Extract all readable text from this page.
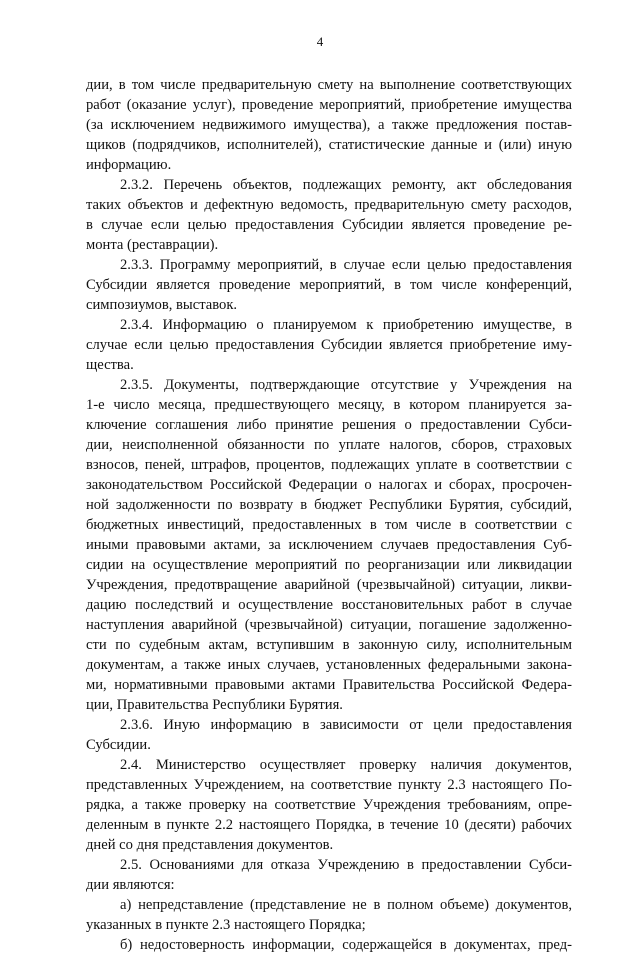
4
дии, в том числе предварительную смету на выполнение соответствующих
работ (оказание услуг), проведение мероприятий, приобретение имущества
(за исключением недвижимого имущества), а также предложения постав-
щиков (подрядчиков, исполнителей), статистические данные и (или) иную
информацию.
2.3.2. Перечень объектов, подлежащих ремонту, акт обследования
таких объектов и дефектную ведомость, предварительную смету расходов,
в случае если целью предоставления Субсидии является проведение ре-
монта (реставрации).
2.3.3. Программу мероприятий, в случае если целью предоставления
Субсидии является проведение мероприятий, в том числе конференций,
симпозиумов, выставок.
2.3.4. Информацию о планируемом к приобретению имуществе, в
случае если целью предоставления Субсидии является приобретение иму-
щества.
2.3.5. Документы, подтверждающие отсутствие у Учреждения на
1-е число месяца, предшествующего месяцу, в котором планируется за-
ключение соглашения либо принятие решения о предоставлении Субси-
дии, неисполненной обязанности по уплате налогов, сборов, страховых
взносов, пеней, штрафов, процентов, подлежащих уплате в соответствии с
законодательством Российской Федерации о налогах и сборах, просрочен-
ной задолженности по возврату в бюджет Республики Бурятия, субсидий,
бюджетных инвестиций, предоставленных в том числе в соответствии с
иными правовыми актами, за исключением случаев предоставления Суб-
сидии на осуществление мероприятий по реорганизации или ликвидации
Учреждения, предотвращение аварийной (чрезвычайной) ситуации, ликви-
дацию последствий и осуществление восстановительных работ в случае
наступления аварийной (чрезвычайной) ситуации, погашение задолженно-
сти по судебным актам, вступившим в законную силу, исполнительным
документам, а также иных случаев, установленных федеральными закона-
ми, нормативными правовыми актами Правительства Российской Федера-
ции, Правительства Республики Бурятия.
2.3.6. Иную информацию в зависимости от цели предоставления
Субсидии.
2.4. Министерство осуществляет проверку наличия документов,
представленных Учреждением, на соответствие пункту 2.3 настоящего По-
рядка, а также проверку на соответствие Учреждения требованиям, опре-
деленным в пункте 2.2 настоящего Порядка, в течение 10 (десяти) рабочих
дней со дня представления документов.
2.5. Основаниями для отказа Учреждению в предоставлении Субси-
дии являются:
а) непредставление (представление не в полном объеме) документов,
указанных в пункте 2.3 настоящего Порядка;
б) недостоверность информации, содержащейся в документах, пред-
